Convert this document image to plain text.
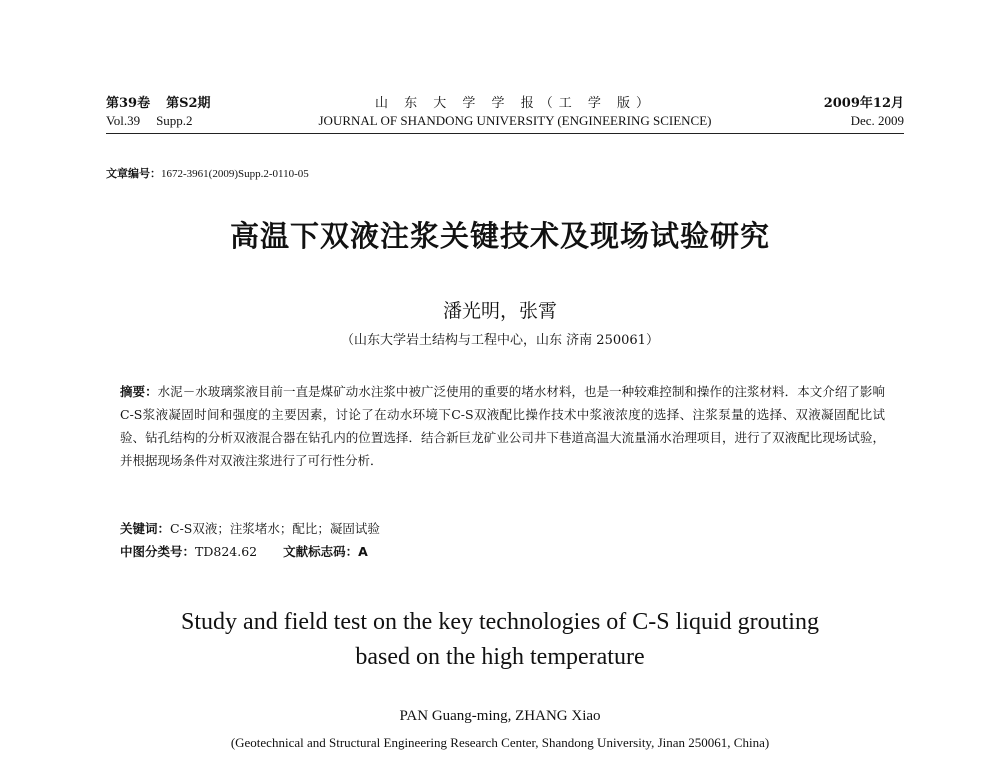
第39卷 第S2期
Vol.39 Supp.2
山 东 大 学 学 报（工 学 版）
JOURNAL OF SHANDONG UNIVERSITY (ENGINEERING SCIENCE)
2009年12月
Dec. 2009
文章编号：1672-3961(2009)Supp.2-0110-05
高温下双液注浆关键技术及现场试验研究
潘光明，张霄
（山东大学岩土结构与工程中心，山东 济南 250061）
摘要：水泥－水玻璃浆液目前一直是煤矿动水注浆中被广泛使用的重要的堵水材料，也是一种较难控制和操作的注浆材料．本文介绍了影响C-S浆液凝固时间和强度的主要因素，讨论了在动水环境下C-S双液配比操作技术中浆液浓度的选择、注浆泵量的选择、双液凝固配比试验、钻孔结构的分析双液混合器在钻孔内的位置选择．结合新巨龙矿业公司井下巷道高温大流量涌水治理项目，进行了双液配比现场试验，并根据现场条件对双液注浆进行了可行性分析．
关键词：C-S双液；注浆堵水；配比；凝固试验
中图分类号：TD824.62 文献标志码：A
Study and field test on the key technologies of C-S liquid grouting
based on the high temperature
PAN Guang-ming, ZHANG Xiao
(Geotechnical and Structural Engineering Research Center, Shandong University, Jinan 250061, China)
